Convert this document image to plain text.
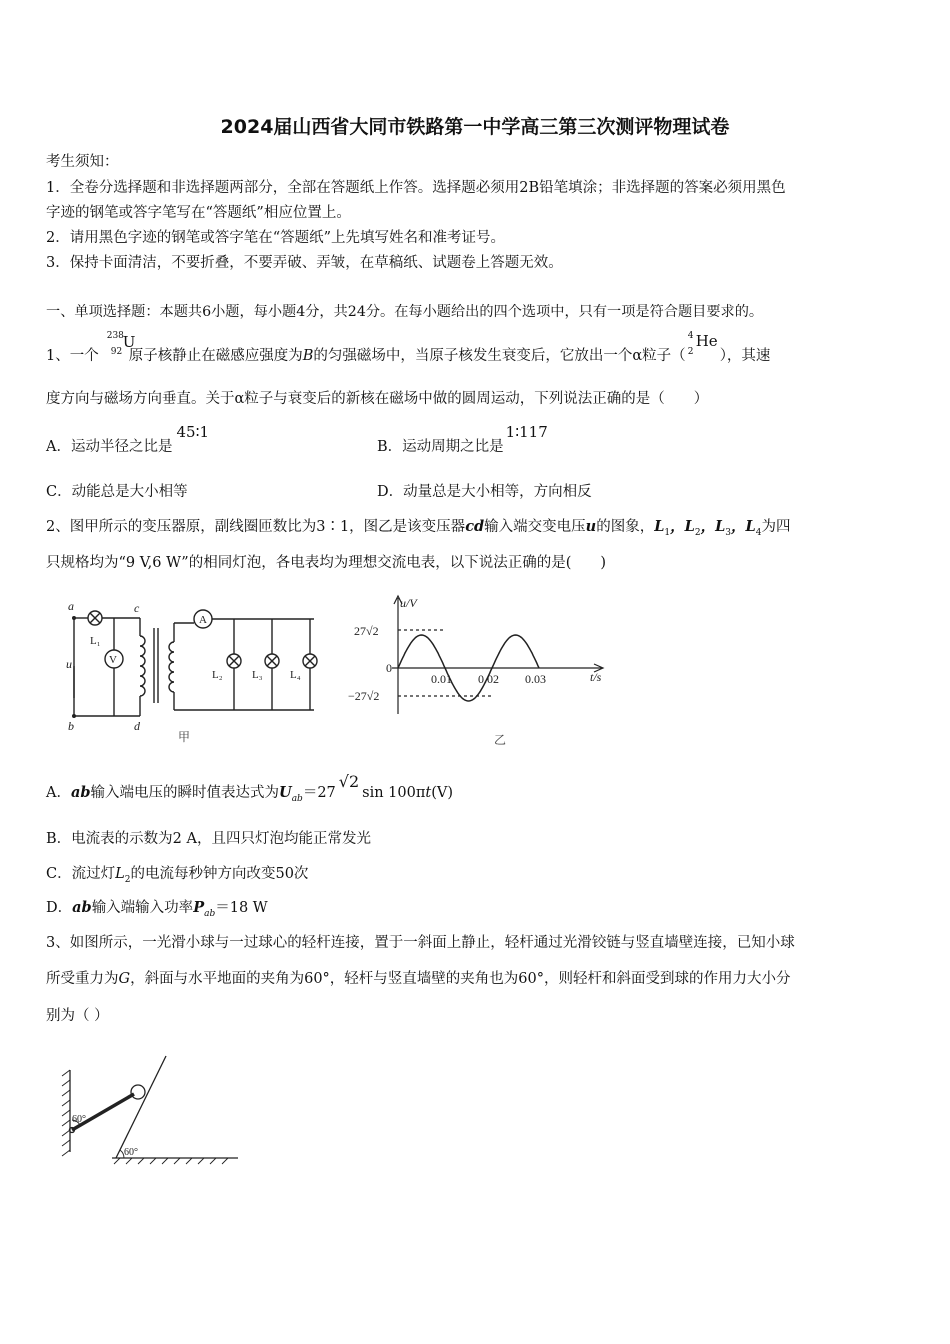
2024届山西省大同市铁路第一中学高三第三次测评物理试卷
考生须知：
1．全卷分选择题和非选择题两部分，全部在答题纸上作答。选择题必须用2B铅笔填涂；非选择题的答案必须用黑色
字迹的钢笔或答字笔写在“答题纸”相应位置上。
2．请用黑色字迹的钢笔或答字笔在“答题纸”上先填写姓名和准考证号。
3．保持卡面清洁，不要折叠，不要弄破、弄皱，在草稿纸、试题卷上答题无效。
一、单项选择题：本题共6小题，每小题4分，共24分。在每小题给出的四个选项中，只有一项是符合题目要求的。
1、一个
238
92
U
原子核静止在磁感应强度为B的匀强磁场中，当原子核发生衰变后，它放出一个α粒子（
4
2
He
），其速
度方向与磁场方向垂直。关于α粒子与衰变后的新核在磁场中做的圆周运动，下列说法正确的是（　　）
A．运动半径之比是45∶1
B．运动周期之比是1∶117
C．动能总是大小相等	D．动量总是大小相等，方向相反
2、图甲所示的变压器原，副线圈匝数比为3∶1，图乙是该变压器cd输入端交变电压u的图象，$L_1$，$L_2$，$L_3$，$L_4$为四
只规格均为“9 V,6 W”的相同灯泡，各电表均为理想交流电表，以下说法正确的是(　　)
a
b
c
d
u
L₁
V
A
L₂	L₃ L₄
甲
u/V
t/s
27√2
0
−27√2
0.01 0.02 0.03
乙
A．ab输入端电压的瞬时值表达式为$U_{ab}=27√2\sin$ 100πt(V)
B．电流表的示数为2 A，且四只灯泡均能正常发光
C．流过灯$L_2$的电流每秒钟方向改变50次
D．ab输入端输入功率$P_{ab}=18$ W
3、如图所示，一光滑小球与一过球心的轻杆连接，置于一斜面上静止，轻杆通过光滑铰链与竖直墙壁连接，已知小球
所受重力为G，斜面与水平地面的夹角为60°，轻杆与竖直墙壁的夹角也为60°，则轻杆和斜面受到球的作用力大小分
别为（ ）
60°
60°
